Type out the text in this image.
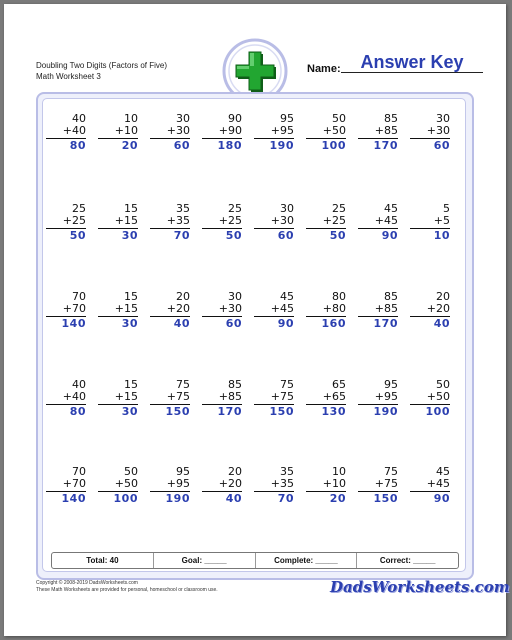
Doubling Two Digits (Factors of Five)
Math Worksheet 3
Name:	Answer Key
40
+40
80
10
+10
20
30
+30
60
90
+90
180
95
+95
190
50
+50
100
85
+85
170
30
+30
60
25
+25
50
15
+15
30
35
+35
70
25
+25
50
30
+30
60
25
+25
50
45
+45
90
5
+5
10
70
+70
140
15
+15
30
20
+20
40
30
+30
60
45
+45
90
80
+80
160
85
+85
170
20
+20
40
40
+40
80
15
+15
30
75
+75
150
85
+85
170
75
+75
150
65
+65
130
95
+95
190
50
+50
100
70
+70
140
50
+50
100
95
+95
190
20
+20
40
35
+35
70
10
+10
20
75
+75
150
45
+45
90
Total: 40	Goal: _____	Complete: _____	Correct: _____
Copyright © 2008-2019 DadsWorksheets.com
These Math Worksheets are provided for personal, homeschool or classroom use.	DadsWorksheets.com
